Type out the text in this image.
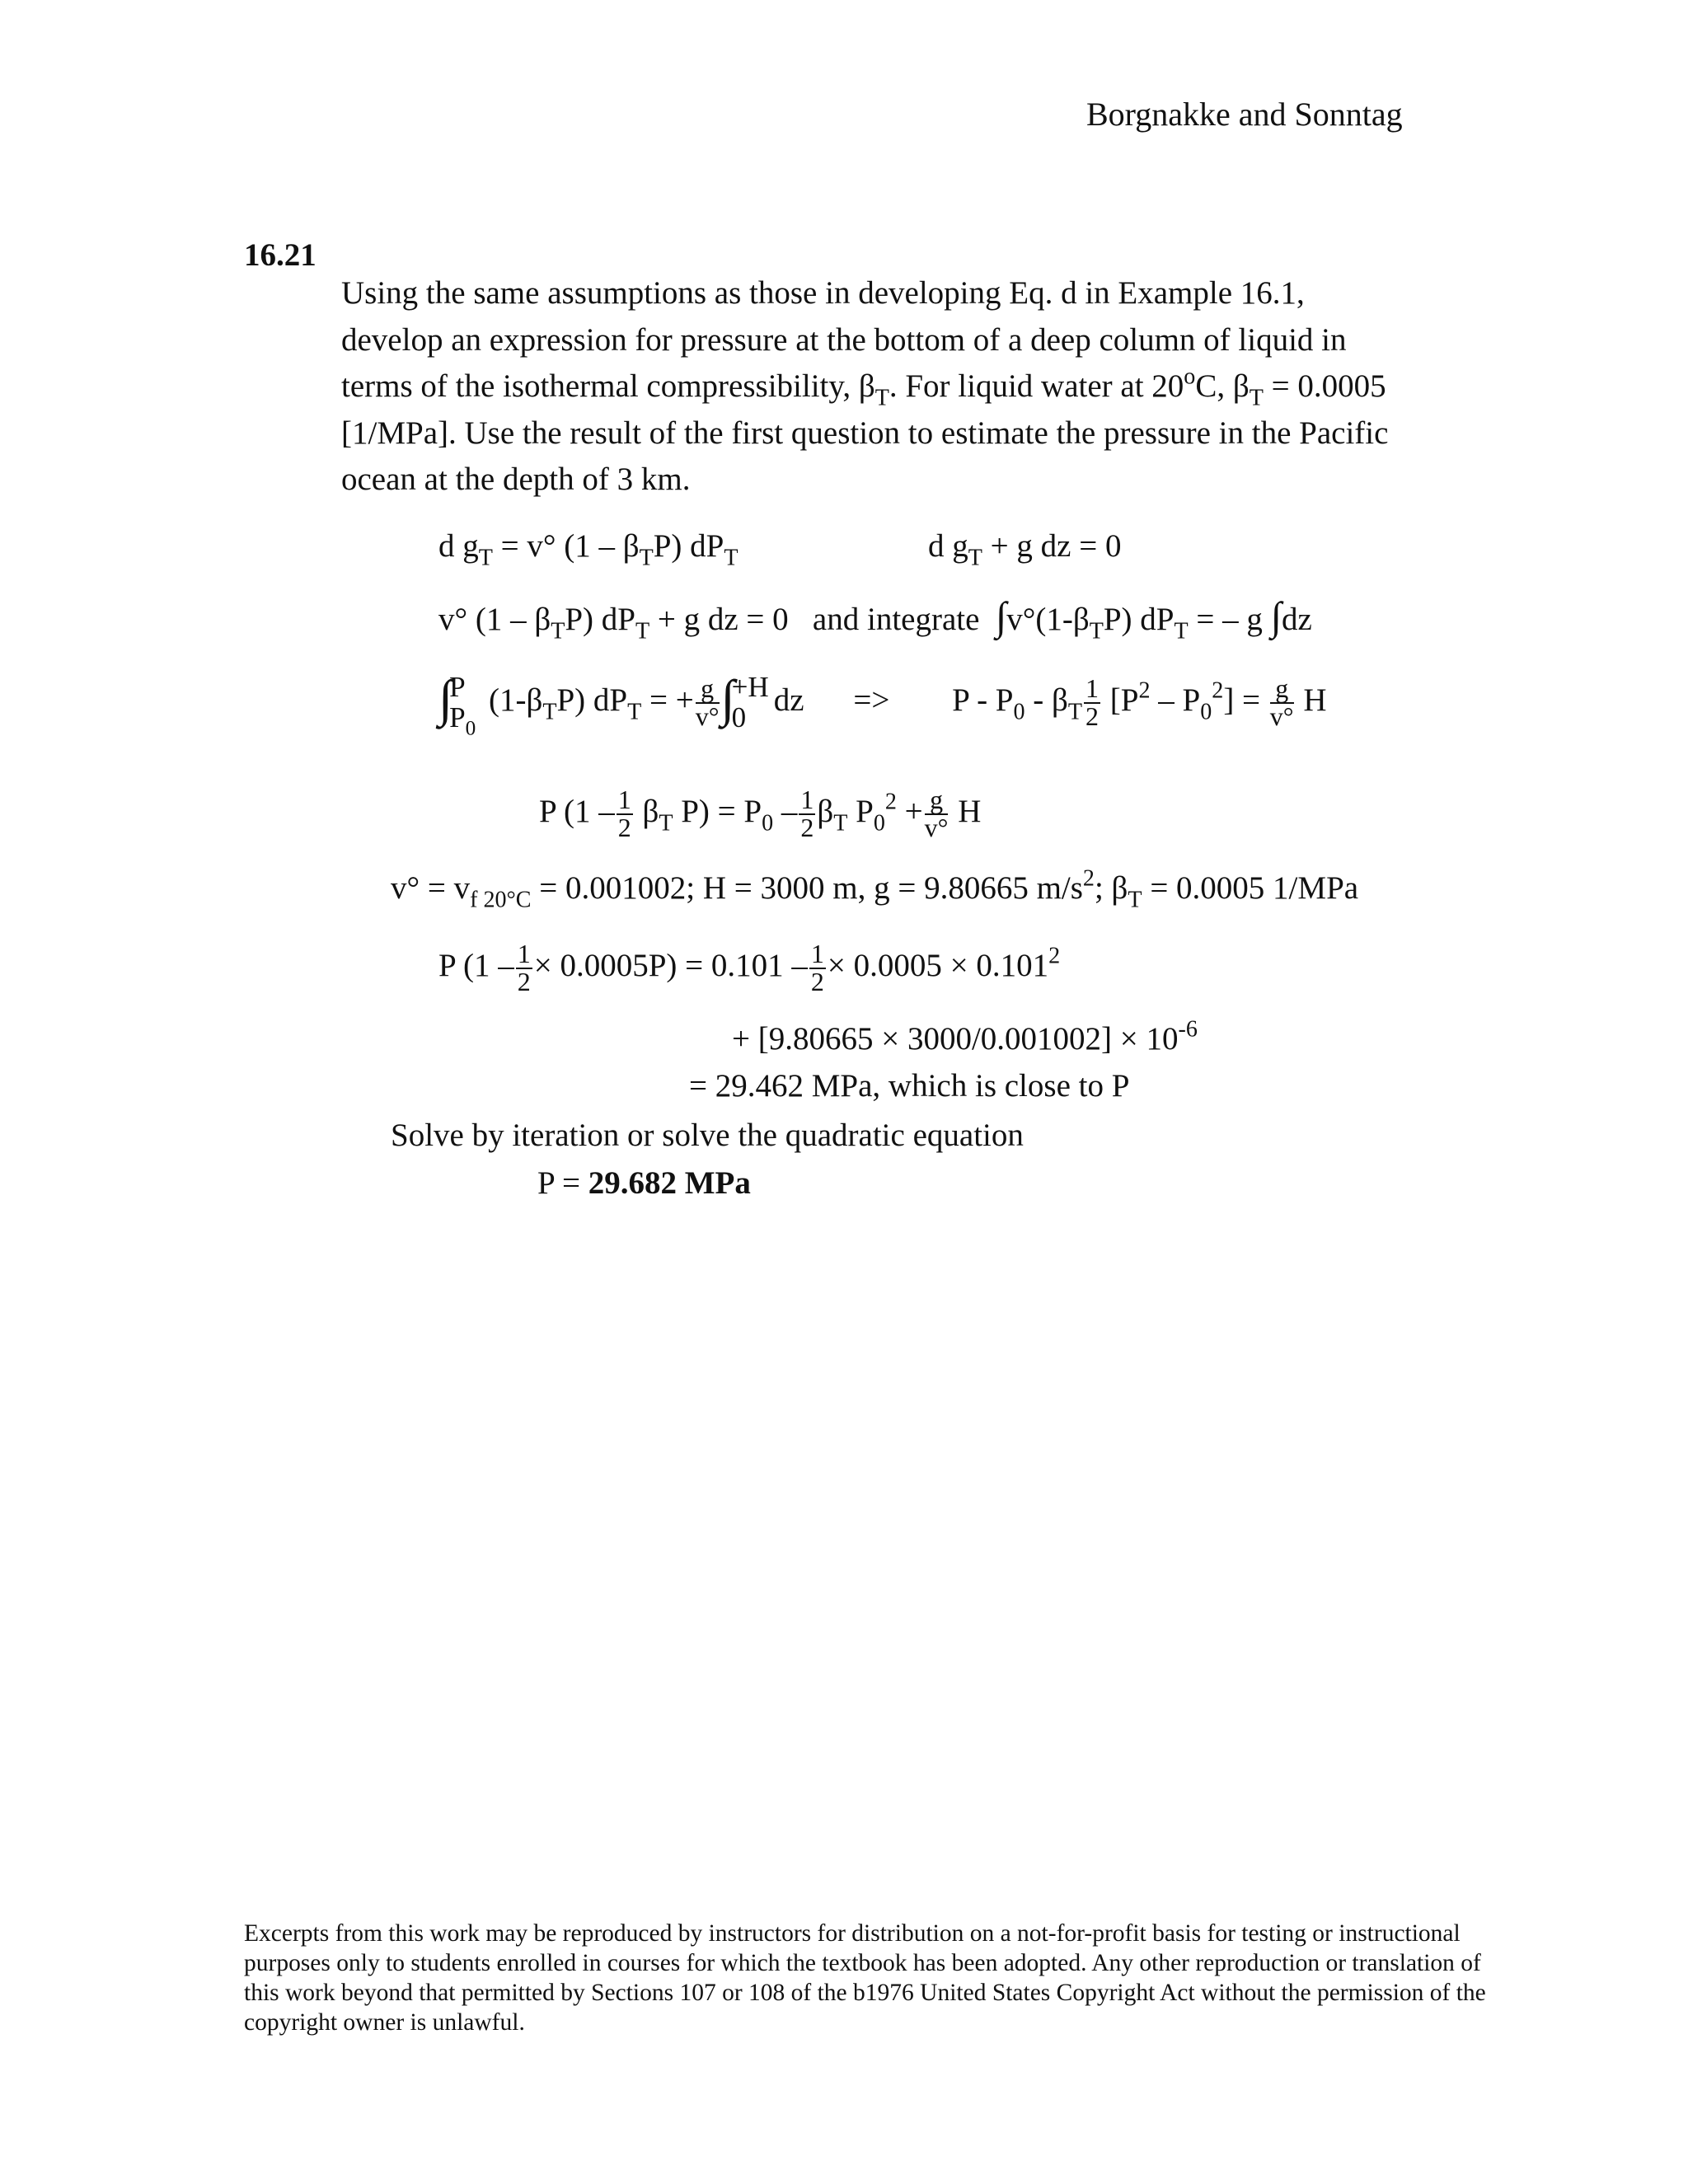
Borgnakke and Sonntag
16.21
Using the same assumptions as those in developing Eq. d in Example 16.1,
develop an expression for pressure at the bottom of a deep column of liquid in
terms of the isothermal compressibility, $\beta_T$. For liquid water at 20$^o$C, $\beta_T = 0.0005$
[1/MPa]. Use the result of the first question to estimate the pressure in the Pacific
ocean at the depth of 3 km.
d $g_T = v^\circ$ $(1 - \beta_TP)$ $dP_T$	d $g_T + g$ dz = 0
v° $(1 - \beta_TP)$ $dP_T + g$ dz = 0   and integrate  $\int v^\circ(1-\beta_TP) dP_T$ = – g ∫dz
∫
P
$P_0$
$(1-\beta_TP) dP_T$ = + $\frac{g}{v^\circ}$ ∫
+H
0 dz => $P - P_0 - \beta_T \frac{1}{2} [P^2 - P_0^2] = \frac{g}{v^\circ}$ H
P ($1 - \frac{1}{2} \beta_T$ $P) = P_0 - \frac{1}{2} \beta_T$ $P_0^2 + \frac{g}{v^\circ}$ H
$v^\circ = v_{f 20^\circ C} = 0.001002$; H = 3000 m, g = 9.80665 $m/s^2$; $\beta_T = 0.0005$ 1/MPa
P $(1 - \frac{1}{2} \times 0.0005P) = 0.101 - \frac{1}{2} \times 0.0005 \times 0.101^2$
+ $[9.80665 \times 3000/0.001002] \times 10^{-6}$
= 29.462 MPa, which is close to P
Solve by iteration or solve the quadratic equation
P = 29.682 MPa
Excerpts from this work may be reproduced by instructors for distribution on a not-for-profit basis for testing or instructional purposes only to students enrolled in courses for which the textbook has been adopted. Any other reproduction or translation of this work beyond that permitted by Sections 107 or 108 of the b1976 United States Copyright Act without the permission of the copyright owner is unlawful.
